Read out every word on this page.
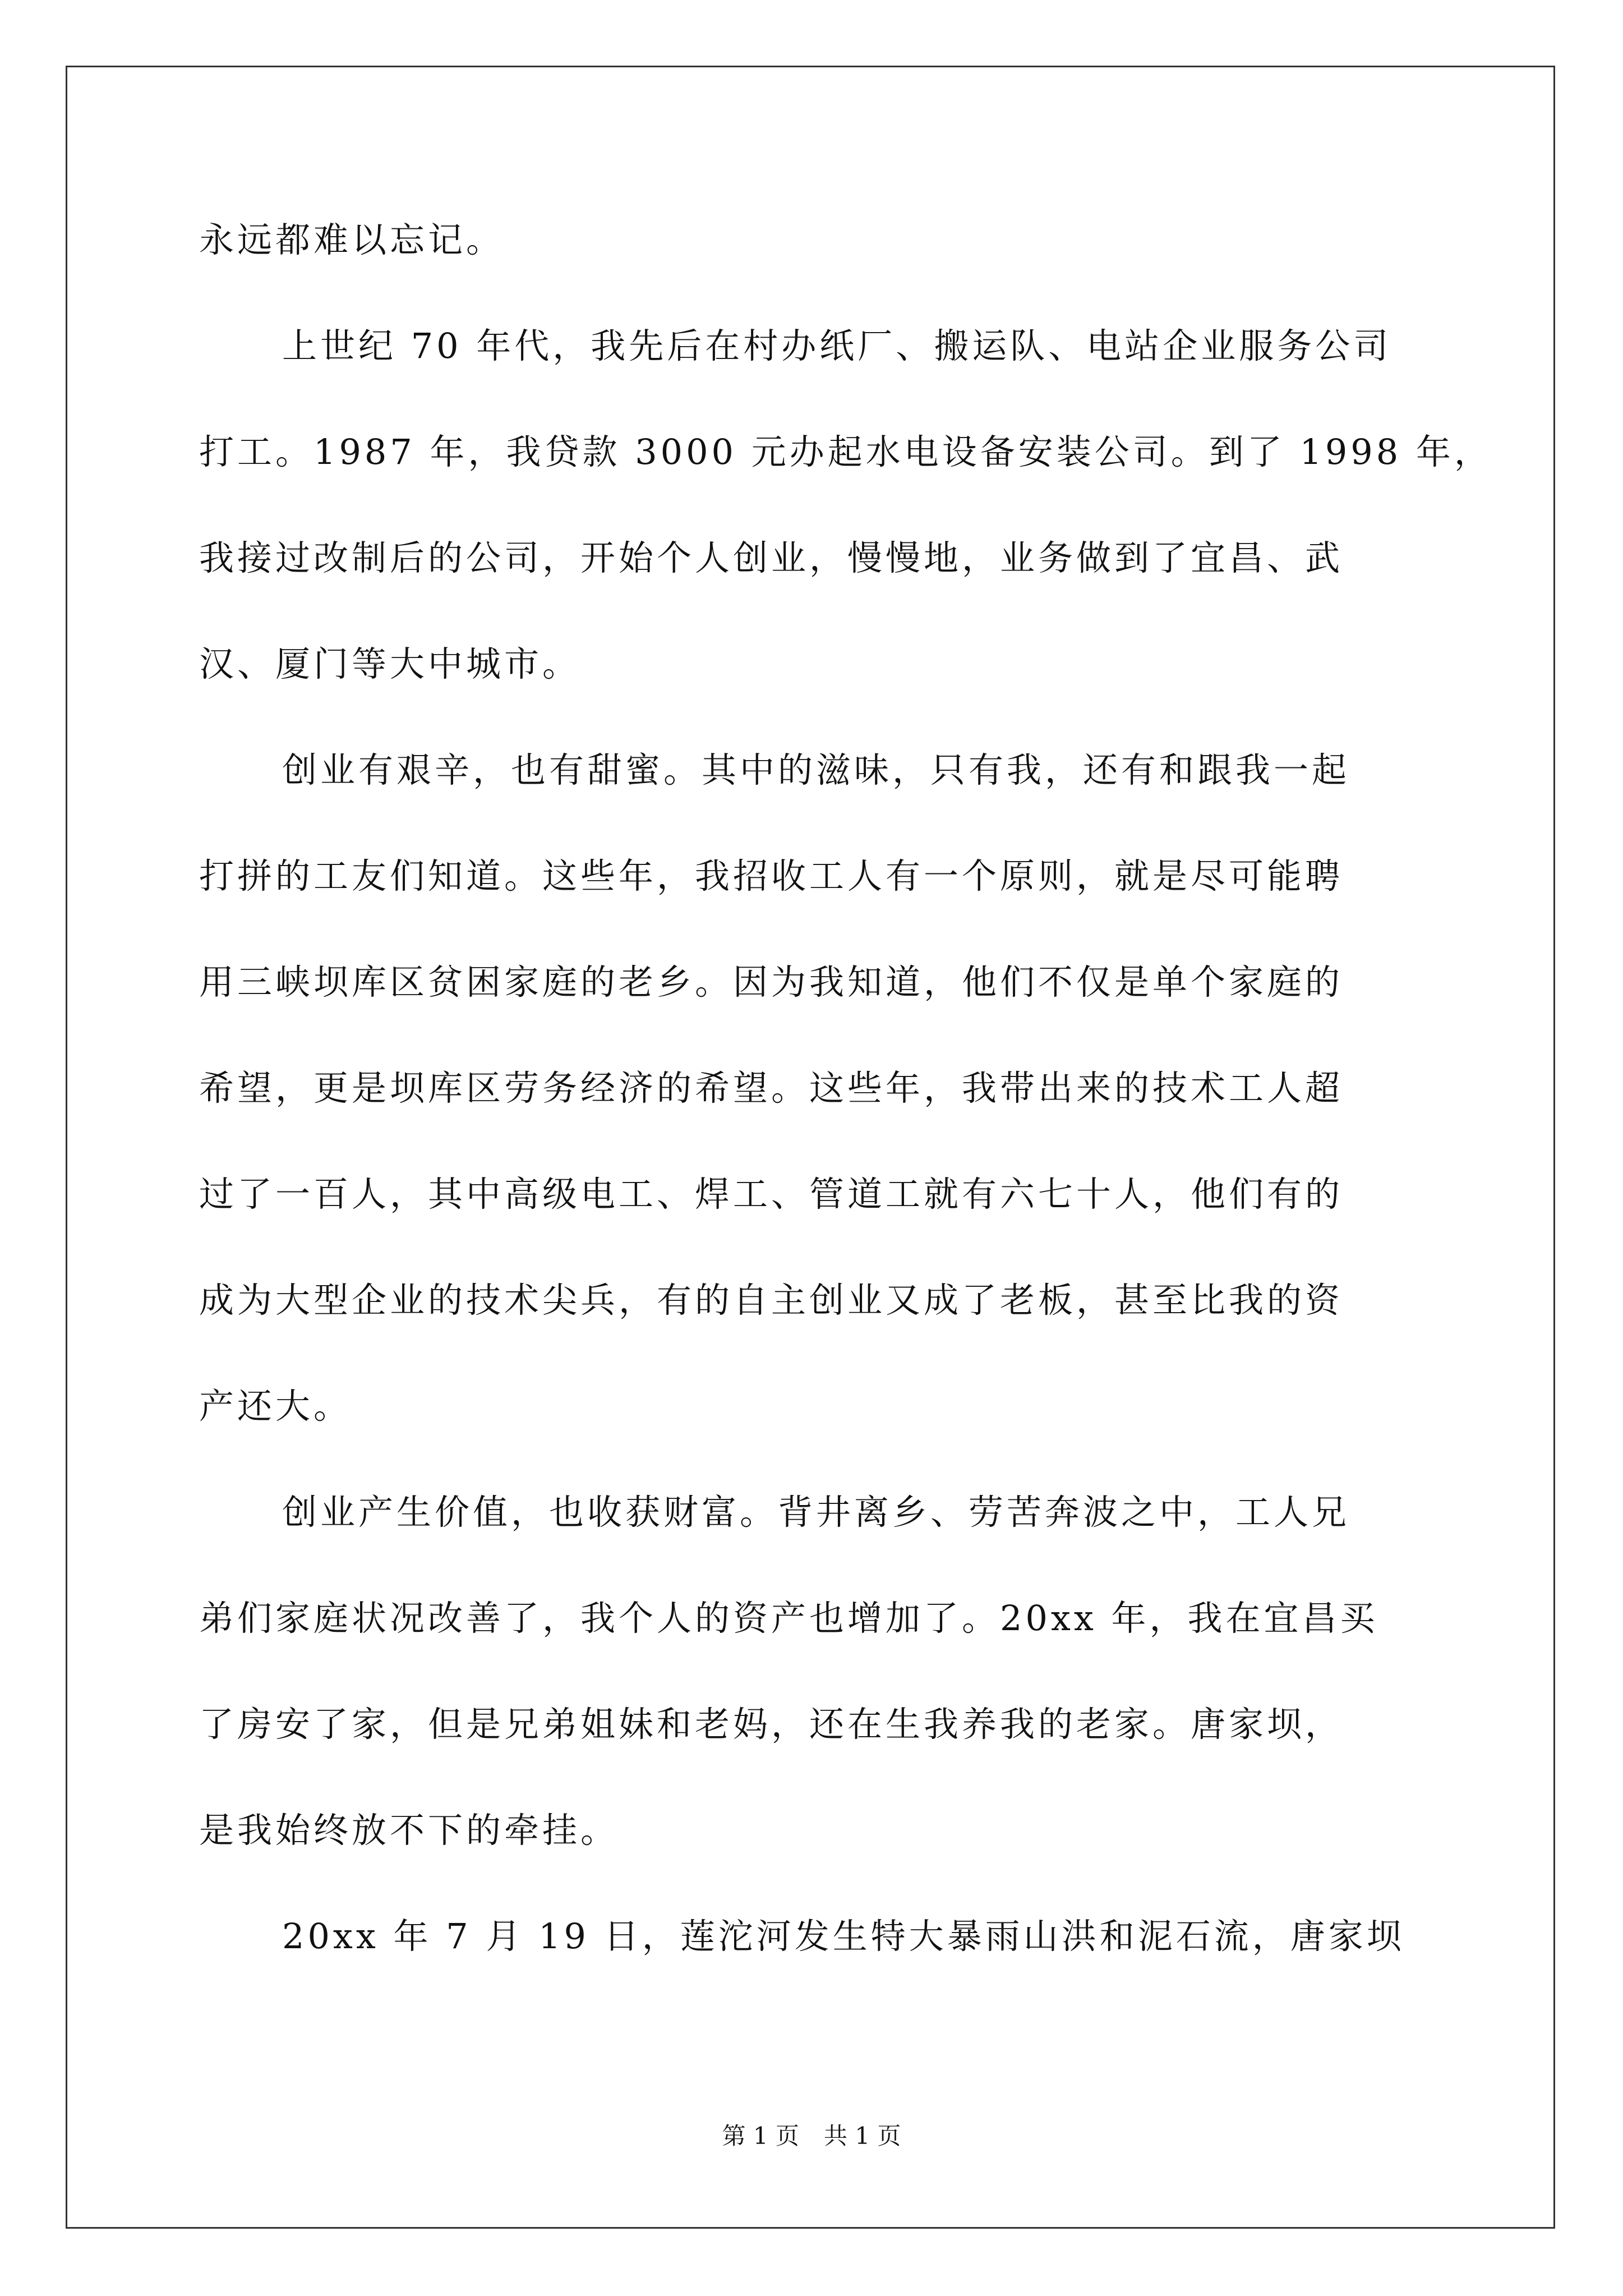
永远都难以忘记。
上世纪 70 年代，我先后在村办纸厂、搬运队、电站企业服务公司
打工。1987 年，我贷款 3000 元办起水电设备安装公司。到了 1998 年，
我接过改制后的公司，开始个人创业，慢慢地，业务做到了宜昌、武
汉、厦门等大中城市。
创业有艰辛，也有甜蜜。其中的滋味，只有我，还有和跟我一起
打拼的工友们知道。这些年，我招收工人有一个原则，就是尽可能聘
用三峡坝库区贫困家庭的老乡。因为我知道，他们不仅是单个家庭的
希望，更是坝库区劳务经济的希望。这些年，我带出来的技术工人超
过了一百人，其中高级电工、焊工、管道工就有六七十人，他们有的
成为大型企业的技术尖兵，有的自主创业又成了老板，甚至比我的资
产还大。
创业产生价值，也收获财富。背井离乡、劳苦奔波之中，工人兄
弟们家庭状况改善了，我个人的资产也增加了。20xx 年，我在宜昌买
了房安了家，但是兄弟姐妹和老妈，还在生我养我的老家。唐家坝，
是我始终放不下的牵挂。
20xx 年 7 月 19 日，莲沱河发生特大暴雨山洪和泥石流，唐家坝
第 1 页 共 1 页
